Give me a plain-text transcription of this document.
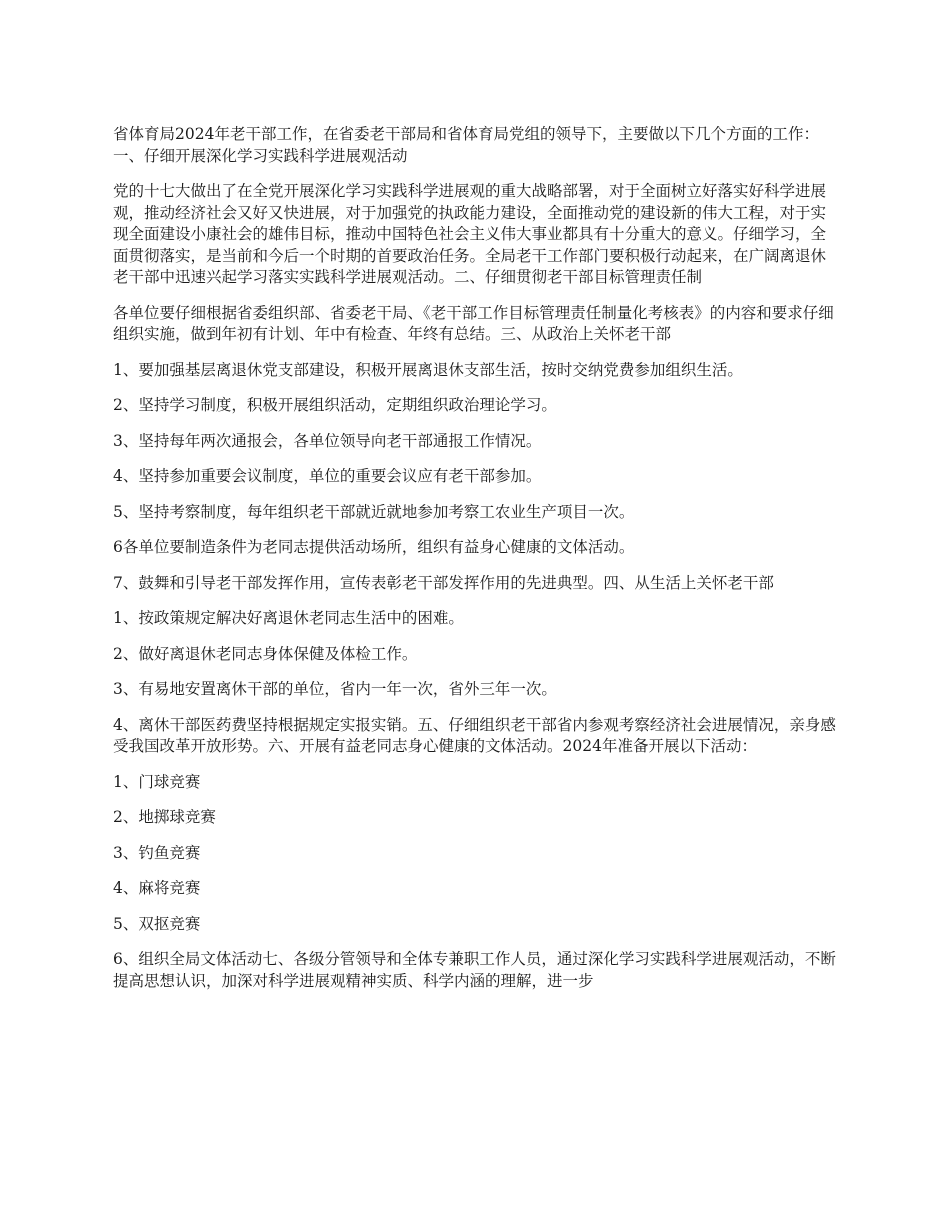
省体育局2024年老干部工作，在省委老干部局和省体育局党组的领导下，主要做以下几个方面的工作：一、仔细开展深化学习实践科学进展观活动

党的十七大做出了在全党开展深化学习实践科学进展观的重大战略部署，对于全面树立好落实好科学进展观，推动经济社会又好又快进展，对于加强党的执政能力建设，全面推动党的建设新的伟大工程，对于实现全面建设小康社会的雄伟目标，推动中国特色社会主义伟大事业都具有十分重大的意义。仔细学习，全面贯彻落实，是当前和今后一个时期的首要政治任务。全局老干工作部门要积极行动起来，在广阔离退休老干部中迅速兴起学习落实实践科学进展观活动。二、仔细贯彻老干部目标管理责任制

各单位要仔细根据省委组织部、省委老干局、《老干部工作目标管理责任制量化考核表》的内容和要求仔细组织实施，做到年初有计划、年中有检查、年终有总结。三、从政治上关怀老干部

1、要加强基层离退休党支部建设，积极开展离退休支部生活，按时交纳党费参加组织生活。

2、坚持学习制度，积极开展组织活动，定期组织政治理论学习。

3、坚持每年两次通报会，各单位领导向老干部通报工作情况。

4、坚持参加重要会议制度，单位的重要会议应有老干部参加。

5、坚持考察制度，每年组织老干部就近就地参加考察工农业生产项目一次。

6各单位要制造条件为老同志提供活动场所，组织有益身心健康的文体活动。

7、鼓舞和引导老干部发挥作用，宣传表彰老干部发挥作用的先进典型。四、从生活上关怀老干部

1、按政策规定解决好离退休老同志生活中的困难。

2、做好离退休老同志身体保健及体检工作。

3、有易地安置离休干部的单位，省内一年一次，省外三年一次。

4、离休干部医药费坚持根据规定实报实销。五、仔细组织老干部省内参观考察经济社会进展情况，亲身感受我国改革开放形势。六、开展有益老同志身心健康的文体活动。2024年准备开展以下活动：

1、门球竞赛

2、地掷球竞赛

3、钓鱼竞赛

4、麻将竞赛

5、双抠竞赛

6、组织全局文体活动七、各级分管领导和全体专兼职工作人员，通过深化学习实践科学进展观活动，不断提高思想认识，加深对科学进展观精神实质、科学内涵的理解，进一步
